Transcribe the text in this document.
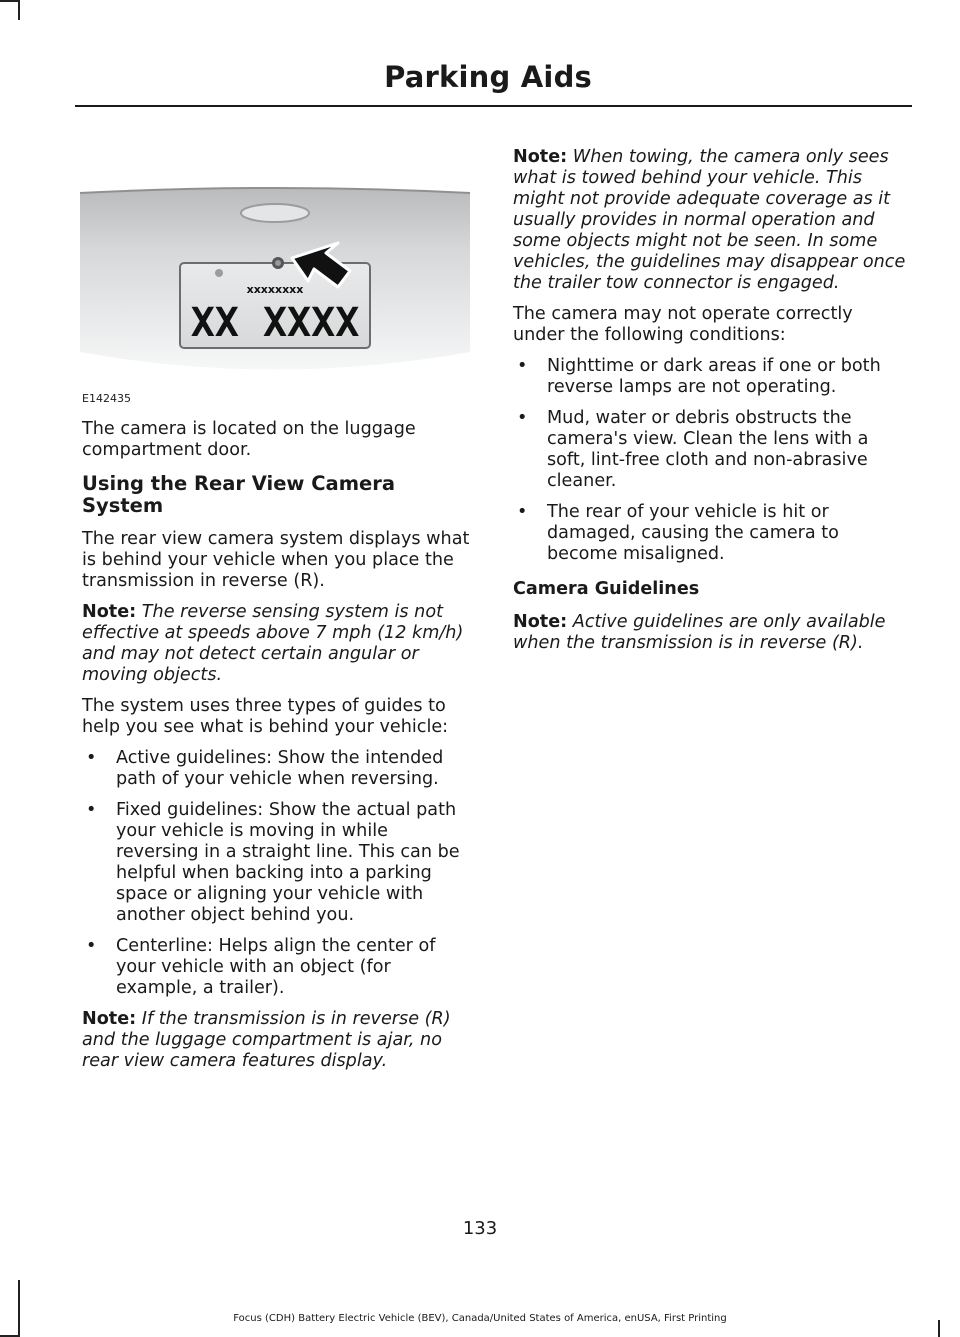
Parking Aids
xxxxxxxx
XX XXXX
E142435

The camera is located on the luggage compartment door.

Using the Rear View Camera System

The rear view camera system displays what is behind your vehicle when you place the transmission in reverse (R).

Note: The reverse sensing system is not effective at speeds above 7 mph (12 km/h) and may not detect certain angular or moving objects.

The system uses three types of guides to help you see what is behind your vehicle:

• Active guidelines: Show the intended path of your vehicle when reversing.
• Fixed guidelines: Show the actual path your vehicle is moving in while reversing in a straight line. This can be helpful when backing into a parking space or aligning your vehicle with another object behind you.
• Centerline: Helps align the center of your vehicle with an object (for example, a trailer).

Note: If the transmission is in reverse (R) and the luggage compartment is ajar, no rear view camera features display.

Note: When towing, the camera only sees what is towed behind your vehicle. This might not provide adequate coverage as it usually provides in normal operation and some objects might not be seen. In some vehicles, the guidelines may disappear once the trailer tow connector is engaged.

The camera may not operate correctly under the following conditions:

• Nighttime or dark areas if one or both reverse lamps are not operating.
• Mud, water or debris obstructs the camera's view. Clean the lens with a soft, lint-free cloth and non-abrasive cleaner.
• The rear of your vehicle is hit or damaged, causing the camera to become misaligned.
Camera Guidelines

Note: Active guidelines are only available when the transmission is in reverse (R).

133
Focus (CDH) Battery Electric Vehicle (BEV), Canada/United States of America, enUSA, First Printing
